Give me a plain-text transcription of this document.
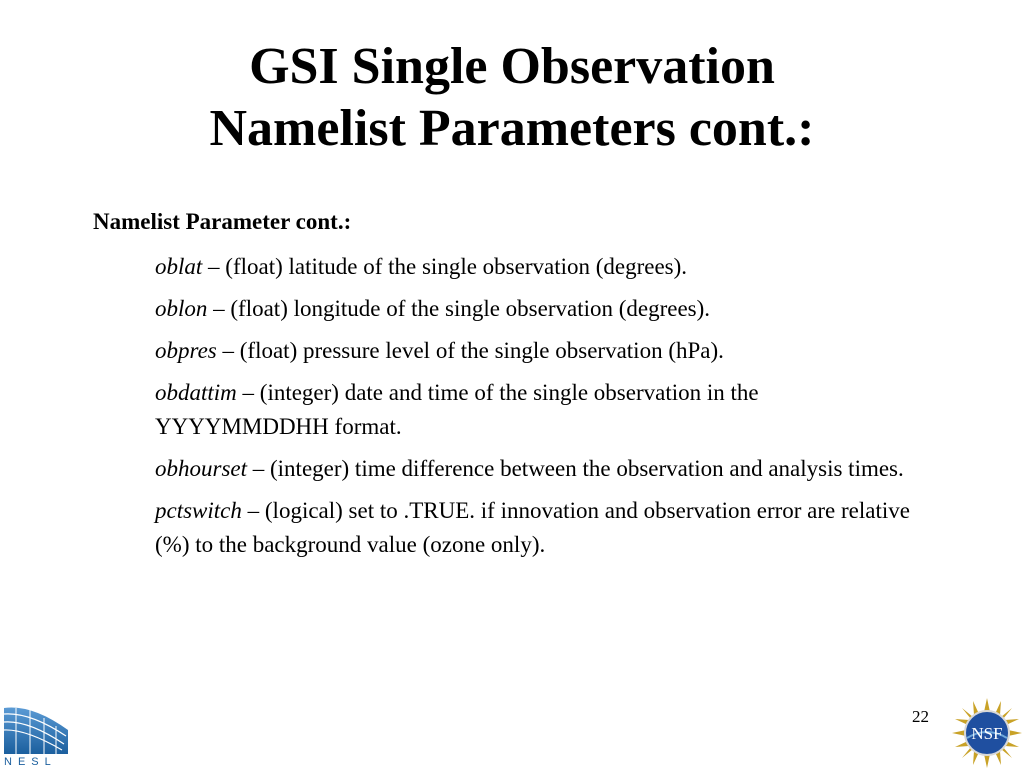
GSI Single Observation
Namelist Parameters cont.:
Namelist Parameter cont.:
oblat – (float) latitude of the single observation (degrees).
oblon – (float) longitude of the single observation (degrees).
obpres – (float) pressure level of the single observation (hPa).
obdattim – (integer) date and time of the single observation in the YYYYMMDDHH format.
obhourset – (integer) time difference between the observation and analysis times.
pctswitch – (logical) set to .TRUE. if innovation and observation error are relative (%) to the background value (ozone only).
NESL
22
NSF
